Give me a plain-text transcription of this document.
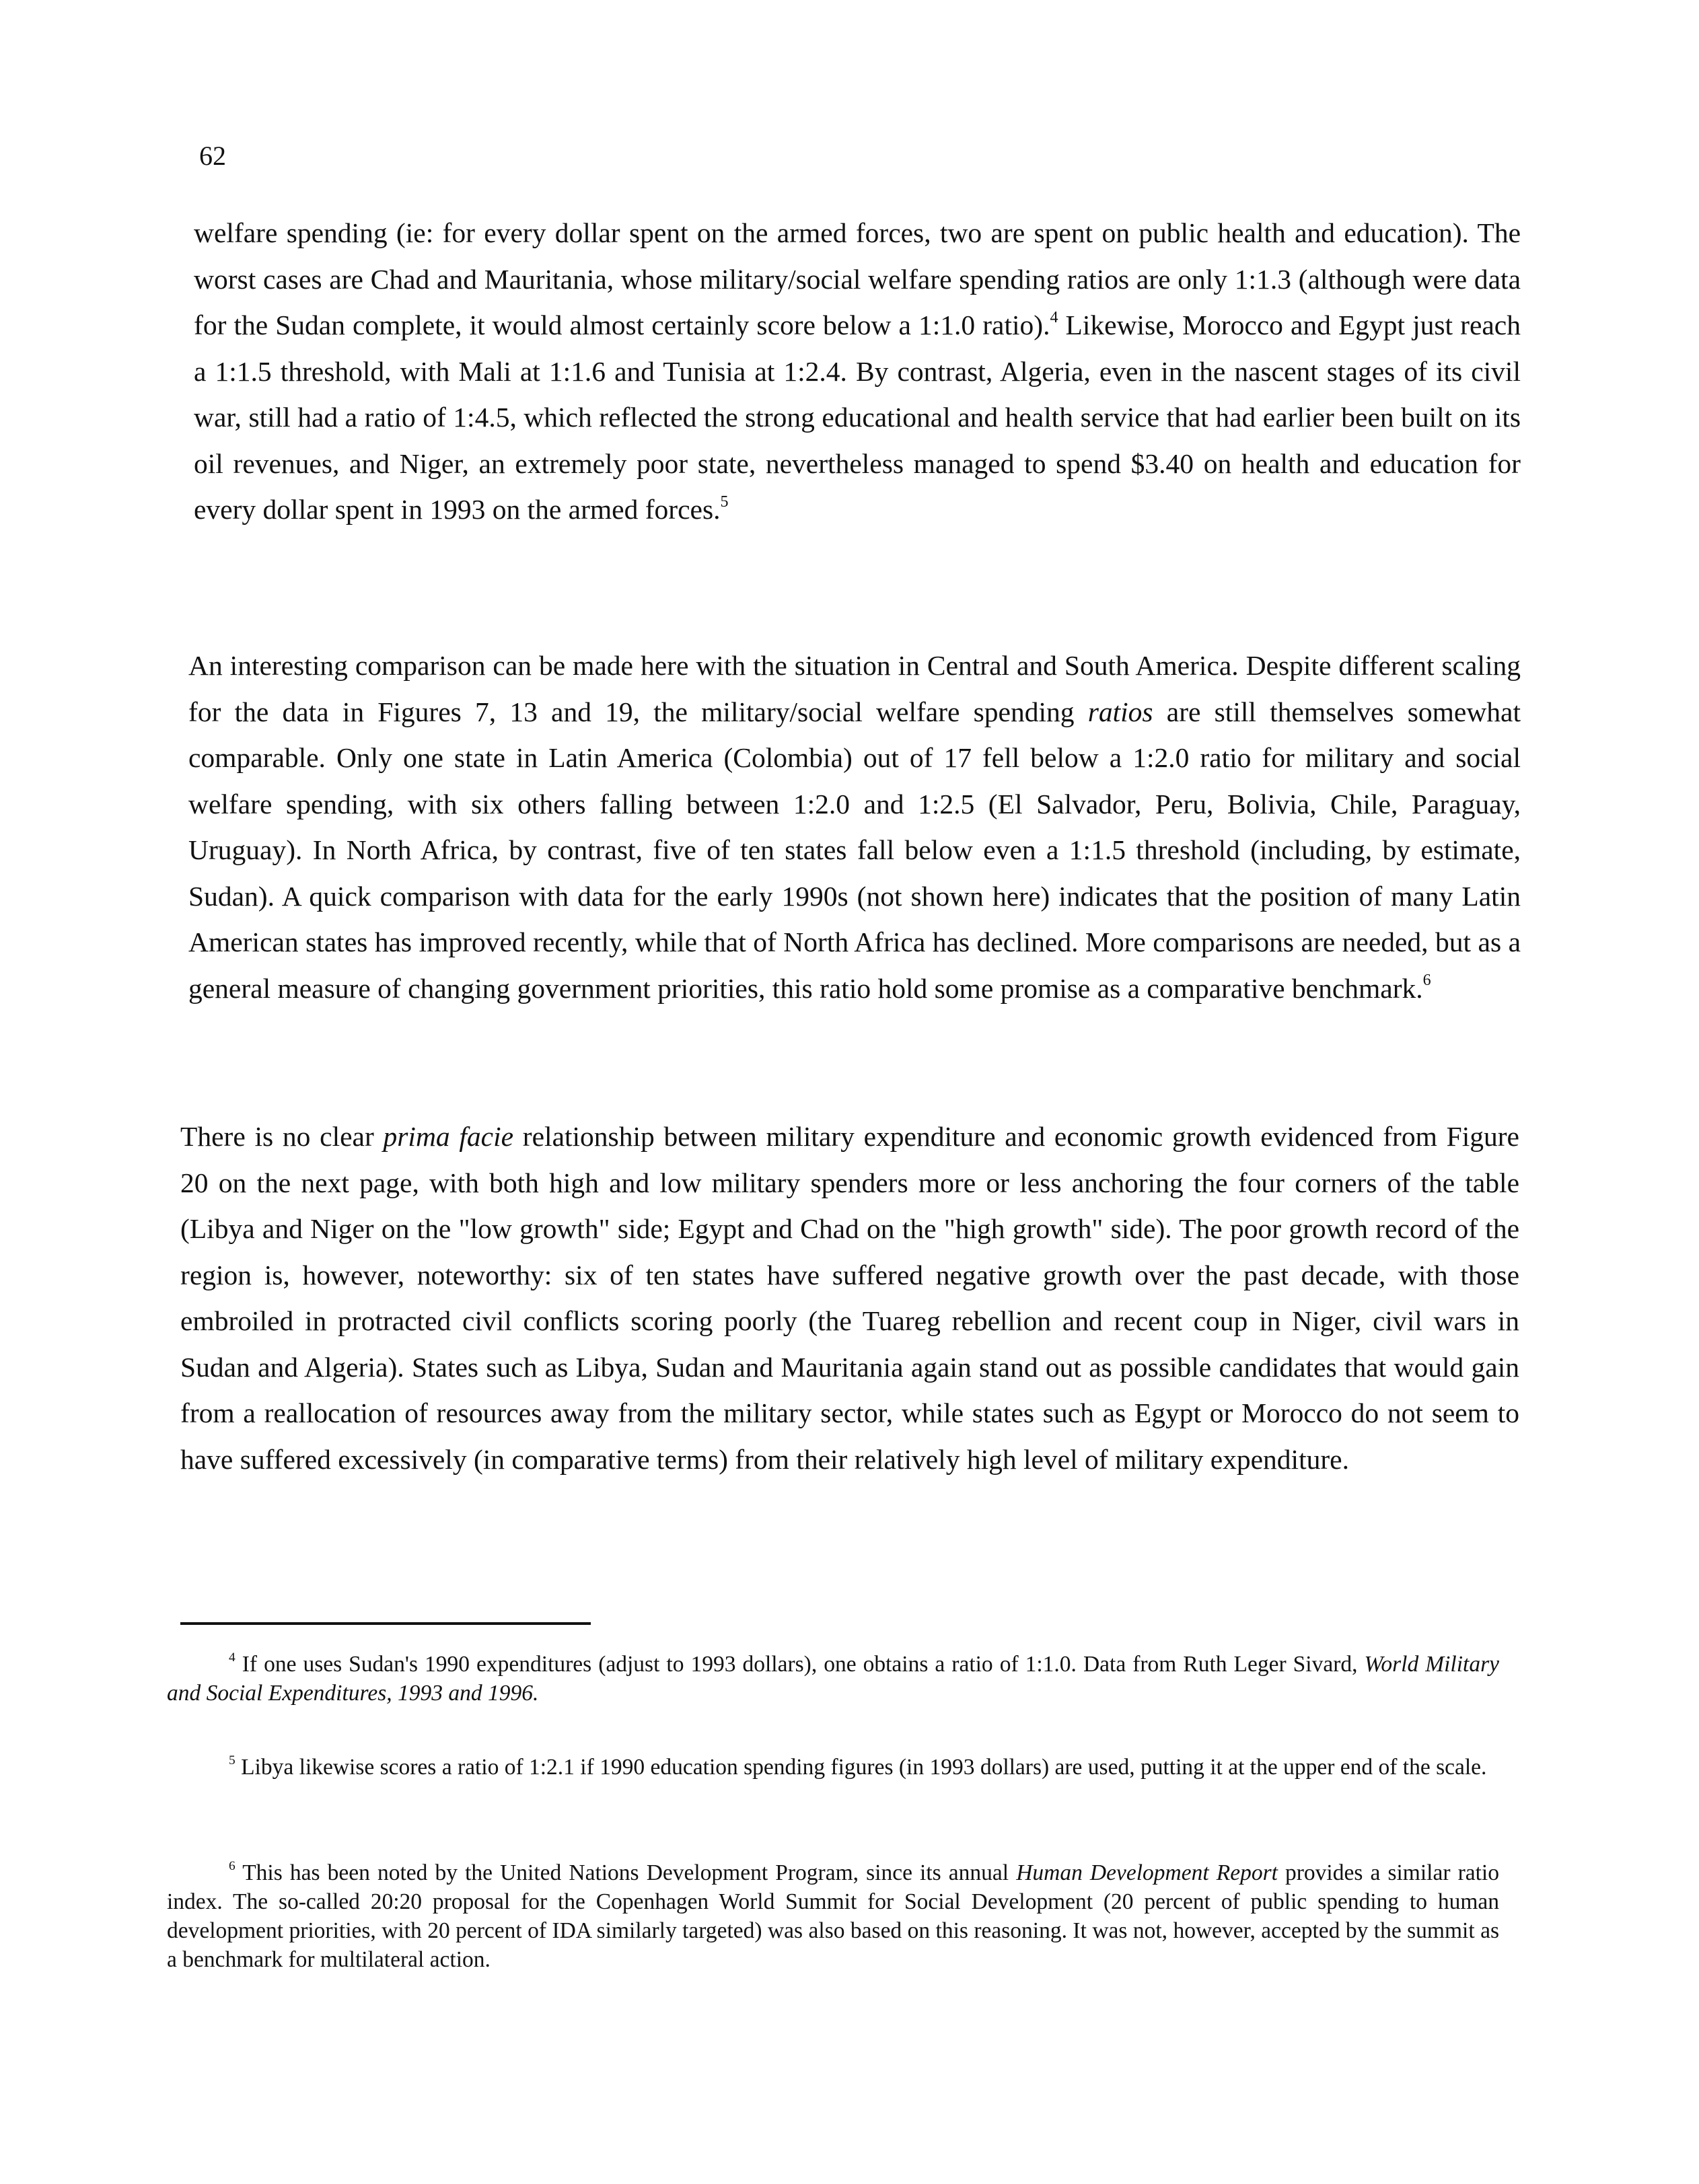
62

welfare spending (ie: for every dollar spent on the armed forces, two are spent on public health and education). The worst cases are Chad and Mauritania, whose military/social welfare spending ratios are only 1:1.3 (although were data for the Sudan complete, it would almost certainly score below a 1:1.0 ratio).$^4$ Likewise, Morocco and Egypt just reach a 1:1.5 threshold, with Mali at 1:1.6 and Tunisia at 1:2.4. By contrast, Algeria, even in the nascent stages of its civil war, still had a ratio of 1:4.5, which reflected the strong educational and health service that had earlier been built on its oil revenues, and Niger, an extremely poor state, nevertheless managed to spend $3.40 on health and education for every dollar spent in 1993 on the armed forces.$^5$

An interesting comparison can be made here with the situation in Central and South America. Despite different scaling for the data in Figures 7, 13 and 19, the military/social welfare spending ratios are still themselves somewhat comparable. Only one state in Latin America (Colombia) out of 17 fell below a 1:2.0 ratio for military and social welfare spending, with six others falling between 1:2.0 and 1:2.5 (El Salvador, Peru, Bolivia, Chile, Paraguay, Uruguay). In North Africa, by contrast, five of ten states fall below even a 1:1.5 threshold (including, by estimate, Sudan). A quick comparison with data for the early 1990s (not shown here) indicates that the position of many Latin American states has improved recently, while that of North Africa has declined. More comparisons are needed, but as a general measure of changing government priorities, this ratio hold some promise as a comparative benchmark.$^6$

There is no clear prima facie relationship between military expenditure and economic growth evidenced from Figure 20 on the next page, with both high and low military spenders more or less anchoring the four corners of the table (Libya and Niger on the "low growth" side; Egypt and Chad on the "high growth" side). The poor growth record of the region is, however, noteworthy: six of ten states have suffered negative growth over the past decade, with those embroiled in protracted civil conflicts scoring poorly (the Tuareg rebellion and recent coup in Niger, civil wars in Sudan and Algeria). States such as Libya, Sudan and Mauritania again stand out as possible candidates that would gain from a reallocation of resources away from the military sector, while states such as Egypt or Morocco do not seem to have suffered excessively (in comparative terms) from their relatively high level of military expenditure.

$^4$ If one uses Sudan's 1990 expenditures (adjust to 1993 dollars), one obtains a ratio of 1:1.0. Data from Ruth Leger Sivard, World Military and Social Expenditures, 1993 and 1996.

$^5$ Libya likewise scores a ratio of 1:2.1 if 1990 education spending figures (in 1993 dollars) are used, putting it at the upper end of the scale.

$^6$ This has been noted by the United Nations Development Program, since its annual Human Development Report provides a similar ratio index. The so-called 20:20 proposal for the Copenhagen World Summit for Social Development (20 percent of public spending to human development priorities, with 20 percent of IDA similarly targeted) was also based on this reasoning. It was not, however, accepted by the summit as a benchmark for multilateral action.
